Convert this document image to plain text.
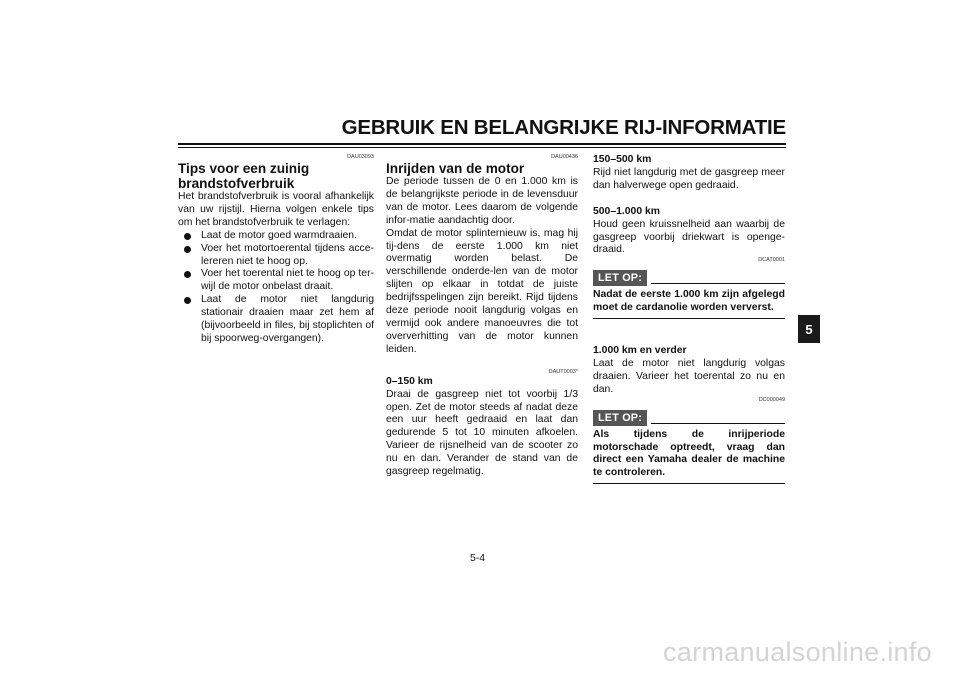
GEBRUIK EN BELANGRIJKE RIJ-INFORMATIE
5
DAU03093
Tips voor een zuinig brandstofverbruik
Het brandstofverbruik is vooral afhankelijk van uw rijstijl. Hierna volgen enkele tips om het brandstofverbruik te verlagen:
Laat de motor goed warmdraaien.
Voer het motortoerental tijdens acce-lereren niet te hoog op.
Voer het toerental niet te hoog op ter-wijl de motor onbelast draait.
Laat de motor niet langdurig stationair draaien maar zet hem af (bijvoorbeeld in files, bij stoplichten of bij spoorweg-overgangen).
DAU00436
Inrijden van de motor
De periode tussen de 0 en 1.000 km is de belangrijkste periode in de levensduur van de motor. Lees daarom de volgende infor-matie aandachtig door.
Omdat de motor splinternieuw is, mag hij tij-dens de eerste 1.000 km niet overmatig worden belast. De verschillende onderde-len van de motor slijten op elkaar in totdat de juiste bedrijfsspelingen zijn bereikt. Rijd tijdens deze periode nooit langdurig volgas en vermijd ook andere manoeuvres die tot oververhitting van de motor kunnen leiden.
DAUT0003*
0–150 km
Draai de gasgreep niet tot voorbij 1/3 open. Zet de motor steeds af nadat deze een uur heeft gedraaid en laat dan gedurende 5 tot 10 minuten afkoelen. Varieer de rijsnelheid van de scooter zo nu en dan. Verander de stand van de gasgreep regelmatig.
150–500 km
Rijd niet langdurig met de gasgreep meer dan halverwege open gedraaid.
500–1.000 km
Houd geen kruissnelheid aan waarbij de gasgreep voorbij driekwart is openge-draaid.
DCAT0001
LET OP:
Nadat de eerste 1.000 km zijn afgelegd moet de cardanolie worden ververst.
1.000 km en verder
Laat de motor niet langdurig volgas draaien. Varieer het toerental zo nu en dan.
DC000049
LET OP:
Als tijdens de inrijperiode motorschade optreedt, vraag dan direct een Yamaha dealer de machine te controleren.
5-4
carmanualsonline.info
